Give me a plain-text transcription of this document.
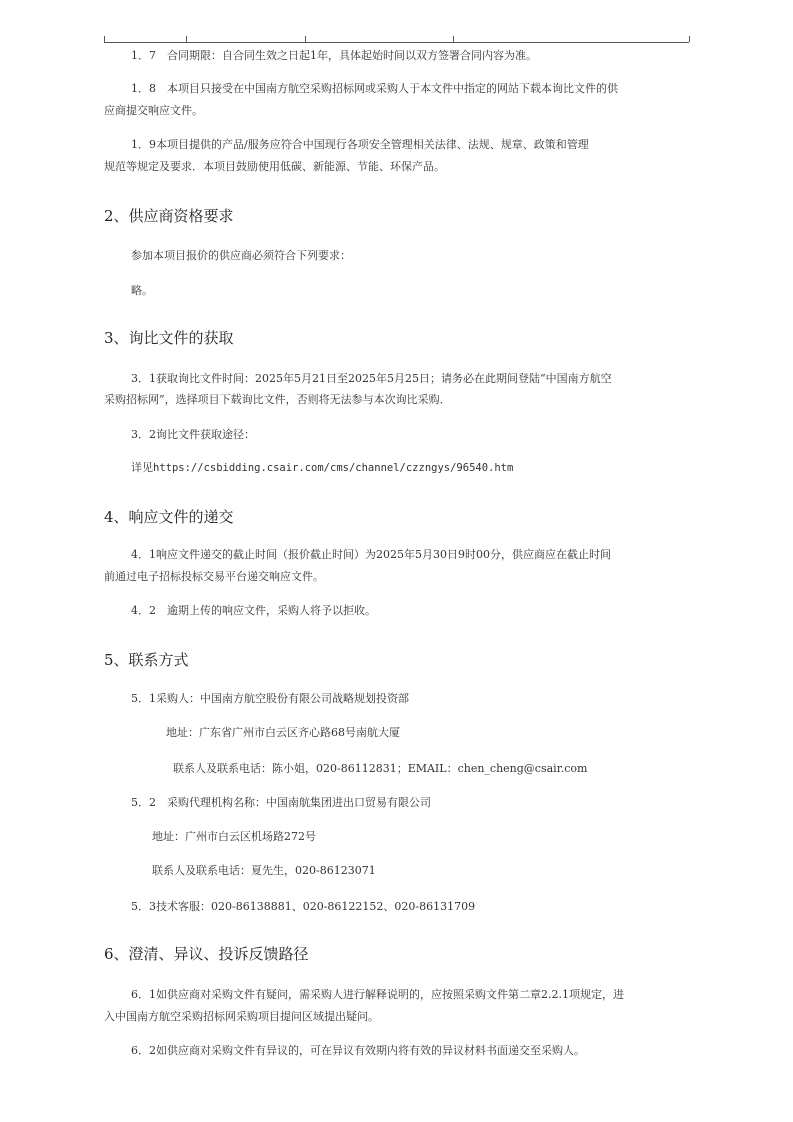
1．7　合同期限：自合同生效之日起1年，具体起始时间以双方签署合同内容为准。

1．8　本项目只接受在中国南方航空采购招标网或采购人于本文件中指定的网站下载本询比文件的供

应商提交响应文件。

1．9本项目提供的产品/服务应符合中国现行各项安全管理相关法律、法规、规章、政策和管理

规范等规定及要求．本项目鼓励使用低碳、新能源、节能、环保产品。

2、供应商资格要求

参加本项目报价的供应商必须符合下列要求：

略。

3、询比文件的获取

3．1获取询比文件时间：2025年5月21日至2025年5月25日；请务必在此期间登陆“中国南方航空

采购招标网”，选择项目下载询比文件，否则将无法参与本次询比采购．

3．2询比文件获取途径：

详见https://csbidding.csair.com/cms/channel/czzngys/96540.htm

4、响应文件的递交

4．1响应文件递交的截止时间（报价截止时间）为2025年5月30日9时00分，供应商应在截止时间

前通过电子招标投标交易平台递交响应文件。

4．2　逾期上传的响应文件，采购人将予以拒收。

5、联系方式

5．1采购人：中国南方航空股份有限公司战略规划投资部

地址：广东省广州市白云区齐心路68号南航大厦

联系人及联系电话：陈小姐，020-86112831；EMAIL：chen_cheng@csair.com

5．2　采购代理机构名称：中国南航集团进出口贸易有限公司

地址：广州市白云区机场路272号

联系人及联系电话：夏先生，020-86123071

5．3技术客服：020-86138881、020-86122152、020-86131709

6、澄清、异议、投诉反馈路径

6．1如供应商对采购文件有疑问，需采购人进行解释说明的，应按照采购文件第二章2.2.1项规定，进

入中国南方航空采购招标网采购项目提问区域提出疑问。

6．2如供应商对采购文件有异议的，可在异议有效期内将有效的异议材料书面递交至采购人。
